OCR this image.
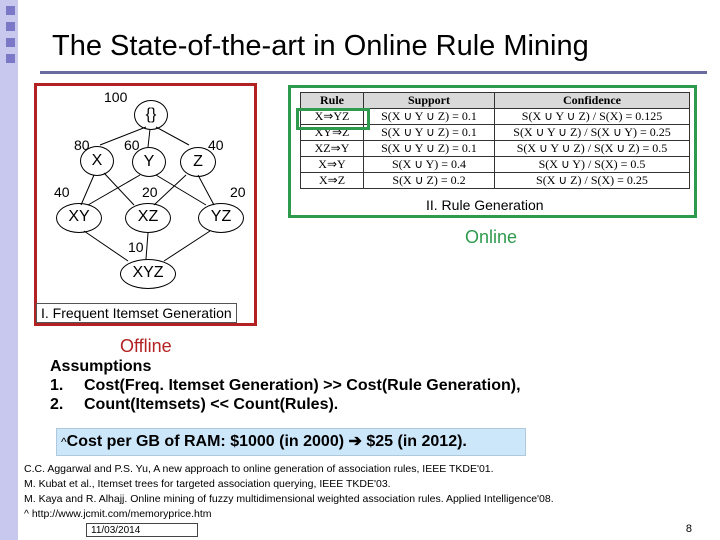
The State-of-the-art in Online Rule Mining
100
{}
80 60	40
X	Y	Z
40	20	20
XY	XZ	YZ
10
XYZ
I. Frequent Itemset Generation
Offline
Rule	Support	Confidence
X⇒YZ	S(X ∪ Y ∪ Z) = 0.1	S(X ∪ Y ∪ Z) / S(X) = 0.125
XY⇒Z	S(X ∪ Y ∪ Z) = 0.1	S(X ∪ Y ∪ Z) / S(X ∪ Y) = 0.25
XZ⇒Y	S(X ∪ Y ∪ Z) = 0.1	S(X ∪ Y ∪ Z) / S(X ∪ Z) = 0.5
X⇒Y	S(X ∪ Y) = 0.4	S(X ∪ Y) / S(X) = 0.5
X⇒Z	S(X ∪ Z) = 0.2	S(X ∪ Z) / S(X) = 0.25
II. Rule Generation
Online
Assumptions
1. Cost(Freq. Itemset Generation) >> Cost(Rule Generation),
2. Count(Itemsets) << Count(Rules).
^Cost per GB of RAM: $1000 (in 2000) ➔ $25 (in 2012).
C.C. Aggarwal and P.S. Yu, A new approach to online generation of association rules, IEEE TKDE'01.
M. Kubat et al., Itemset trees for targeted association querying, IEEE TKDE'03.
M. Kaya and R. Alhajj. Online mining of fuzzy multidimensional weighted association rules. Applied Intelligence'08.
^ http://www.jcmit.com/memoryprice.htm
11/03/2014	8
